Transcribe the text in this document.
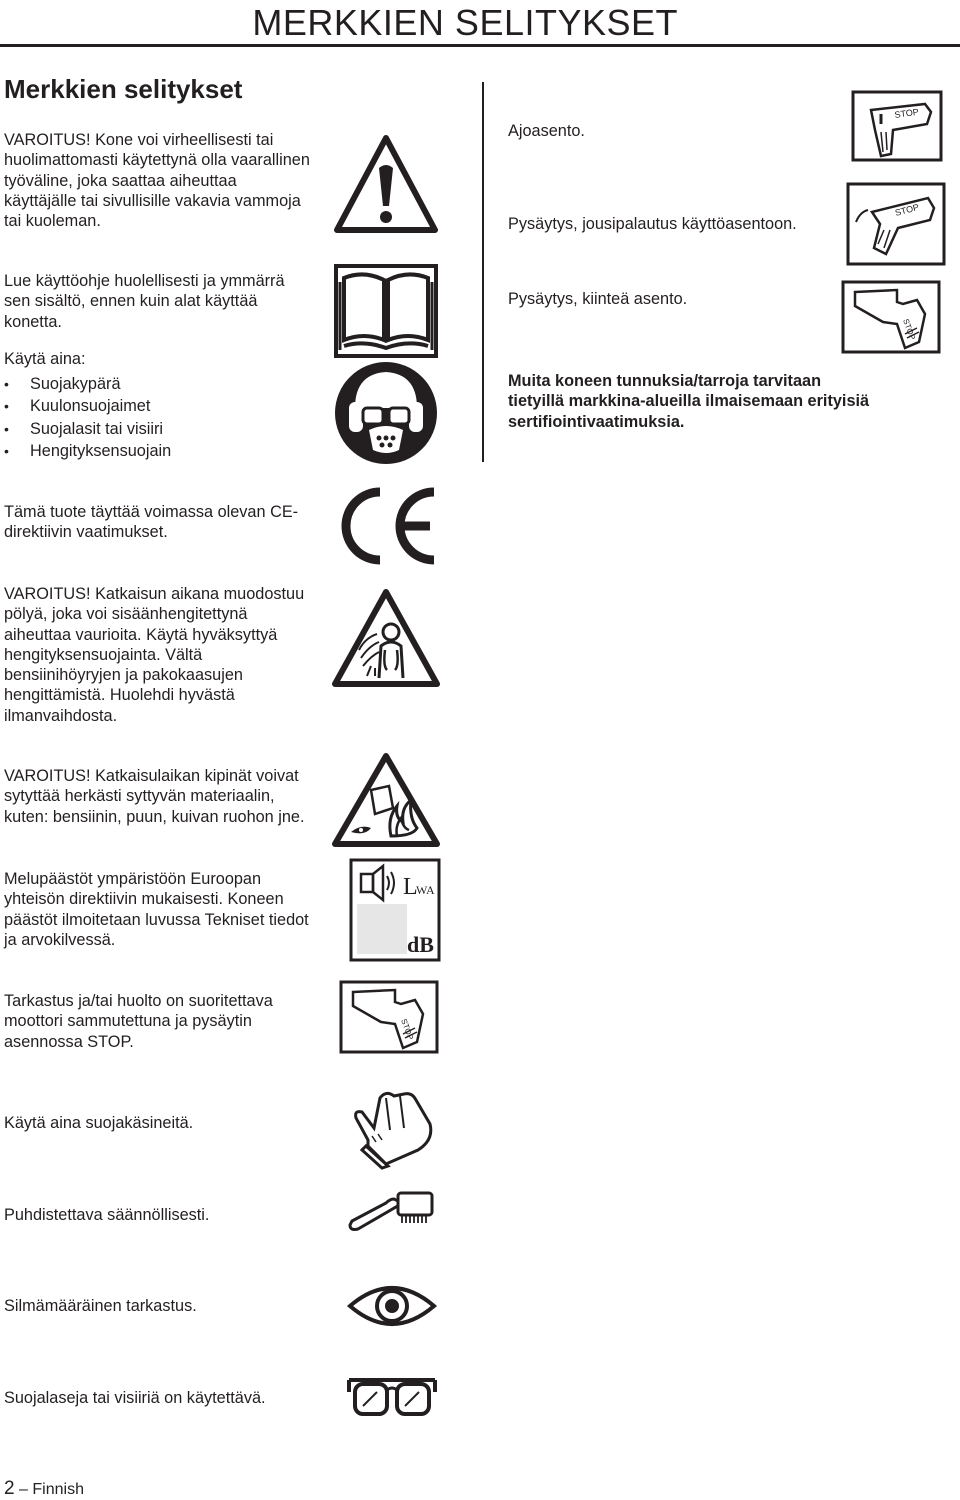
MERKKIEN SELITYKSET
Merkkien selitykset
VAROITUS! Kone voi virheellisesti tai
huolimattomasti käytettynä olla vaarallinen
työväline, joka saattaa aiheuttaa
käyttäjälle tai sivullisille vakavia vammoja
tai kuoleman.
Lue käyttöohje huolellisesti ja ymmärrä
sen sisältö, ennen kuin alat käyttää
konetta.
Käytä aina:
• Suojakypärä
• Kuulonsuojaimet
• Suojalasit tai visiiri
• Hengityksensuojain
Tämä tuote täyttää voimassa olevan CE-
direktiivin vaatimukset.
VAROITUS! Katkaisun aikana muodostuu
pölyä, joka voi sisäänhengitettynä
aiheuttaa vaurioita. Käytä hyväksyttyä
hengityksensuojainta. Vältä
bensiinihöyryjen ja pakokaasujen
hengittämistä. Huolehdi hyvästä
ilmanvaihdosta.
VAROITUS! Katkaisulaikan kipinät voivat
sytyttää herkästi syttyvän materiaalin,
kuten: bensiinin, puun, kuivan ruohon jne.
Melupäästöt ympäristöön Euroopan
yhteisön direktiivin mukaisesti. Koneen
päästöt ilmoitetaan luvussa Tekniset tiedot
ja arvokilvessä.
Tarkastus ja/tai huolto on suoritettava
moottori sammutettuna ja pysäytin
asennossa STOP.
Käytä aina suojakäsineitä.
Puhdistettava säännöllisesti.
Silmämääräinen tarkastus.
Suojalaseja tai visiiriä on käytettävä.
Ajoasento.
Pysäytys, jousipalautus käyttöasentoon.
Pysäytys, kiinteä asento.
Muita koneen tunnuksia/tarroja tarvitaan
tietyillä markkina-alueilla ilmaisemaan erityisiä
sertifiointivaatimuksia.
2 – Finnish
L
WA
dB
STOP
STOP
STOP
STOP
